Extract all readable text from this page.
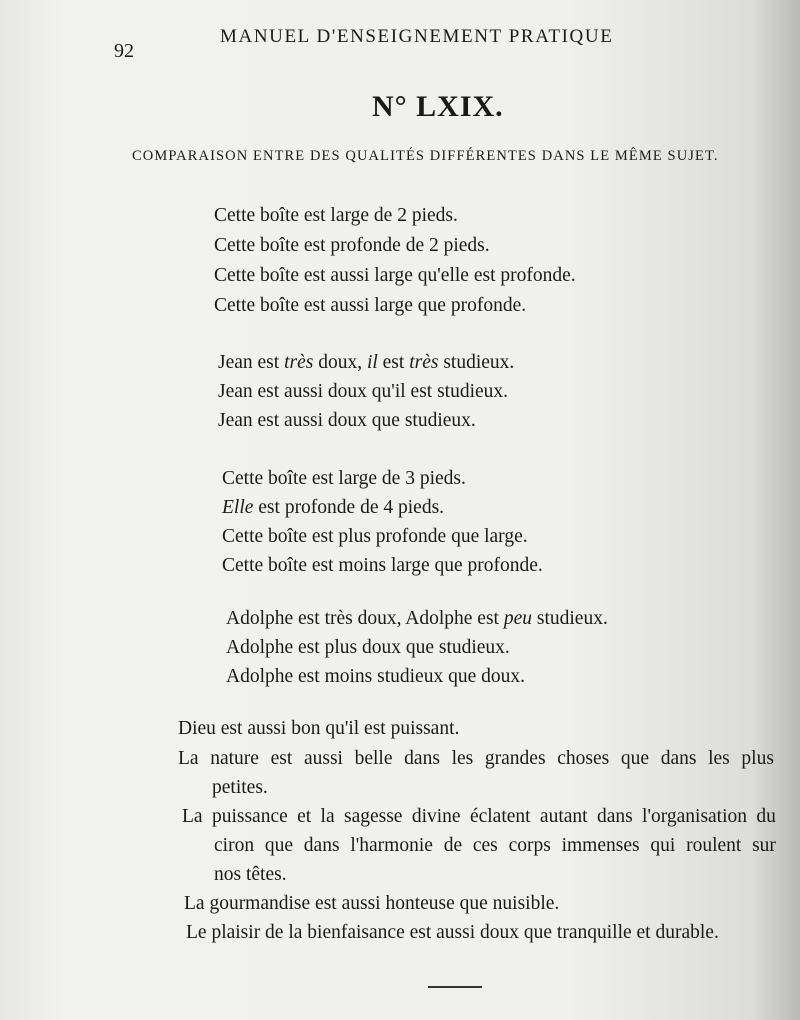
92
MANUEL D'ENSEIGNEMENT PRATIQUE
N° LXIX.
COMPARAISON ENTRE DES QUALITÉS DIFFÉRENTES DANS LE MÊME SUJET.
Cette boîte est large de 2 pieds.
Cette boîte est profonde de 2 pieds.
Cette boîte est aussi large qu'elle est profonde.
Cette boîte est aussi large que profonde.
Jean est très doux, il est très studieux.
Jean est aussi doux qu'il est studieux.
Jean est aussi doux que studieux.
Cette boîte est large de 3 pieds.
Elle est profonde de 4 pieds.
Cette boîte est plus profonde que large.
Cette boîte est moins large que profonde.
Adolphe est très doux, Adolphe est peu studieux.
Adolphe est plus doux que studieux.
Adolphe est moins studieux que doux.
Dieu est aussi bon qu'il est puissant.
La nature est aussi belle dans les grandes choses que dans les plus
petites.
La puissance et la sagesse divine éclatent autant dans l'organisation du
ciron que dans l'harmonie de ces corps immenses qui roulent sur
nos têtes.
La gourmandise est aussi honteuse que nuisible.
Le plaisir de la bienfaisance est aussi doux que tranquille et durable.
